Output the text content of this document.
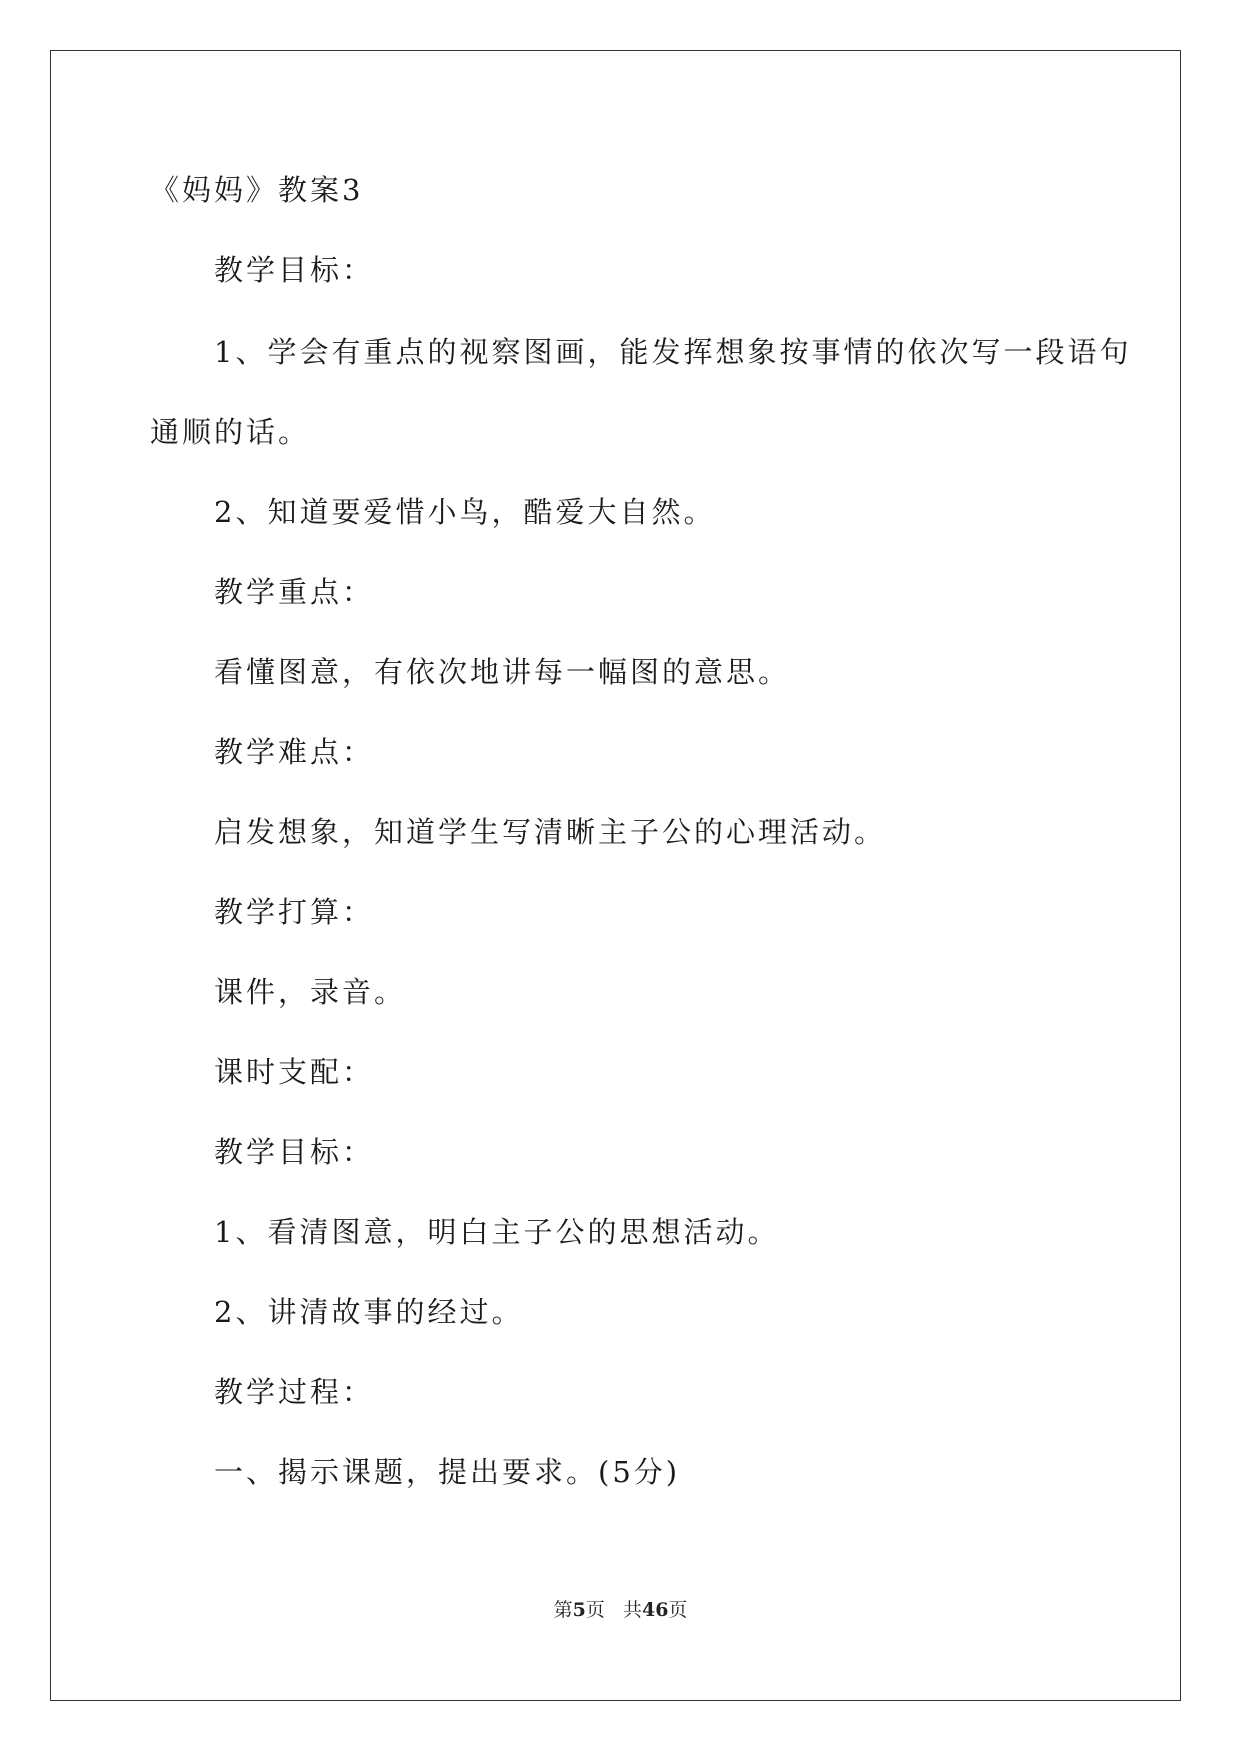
《妈妈》教案3
教学目标：
1、学会有重点的视察图画，能发挥想象按事情的依次写一段语句
通顺的话。
2、知道要爱惜小鸟，酷爱大自然。
教学重点：
看懂图意，有依次地讲每一幅图的意思。
教学难点：
启发想象，知道学生写清晰主子公的心理活动。
教学打算：
课件，录音。
课时支配：
教学目标：
1、看清图意，明白主子公的思想活动。
2、讲清故事的经过。
教学过程：
一、揭示课题，提出要求。(5分)
第5页 共46页
